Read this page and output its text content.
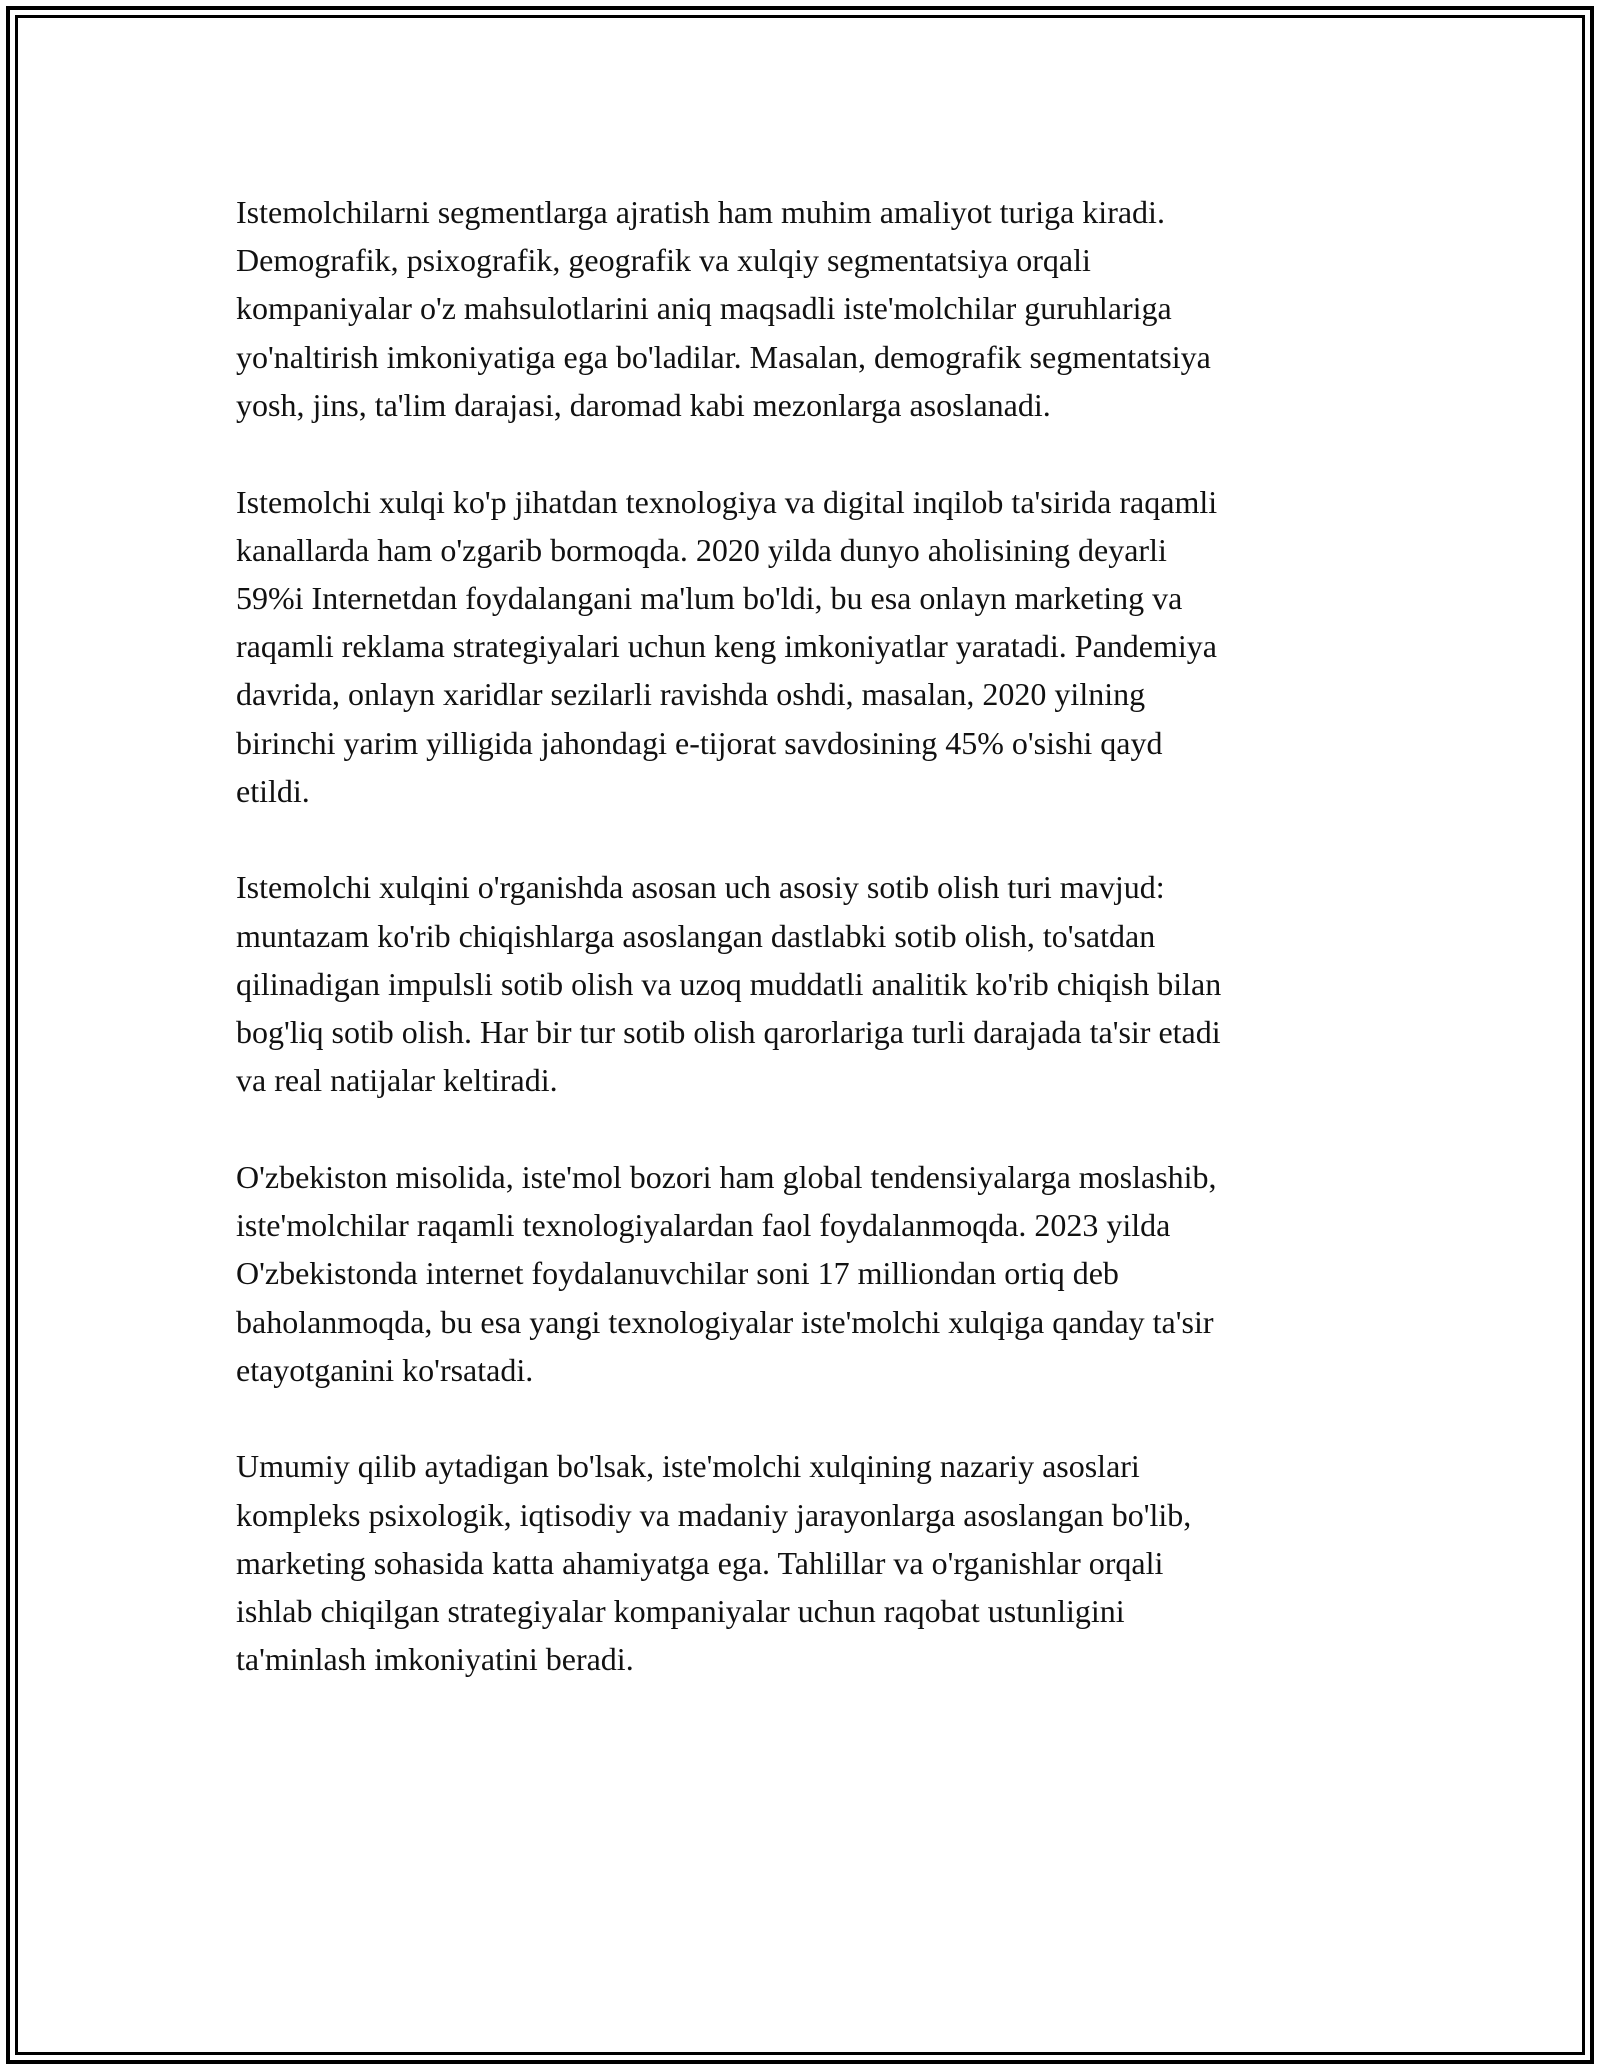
Istemolchilarni segmentlarga ajratish ham muhim amaliyot turiga kiradi.
Demografik, psixografik, geografik va xulqiy segmentatsiya orqali
kompaniyalar o'z mahsulotlarini aniq maqsadli iste'molchilar guruhlariga
yo'naltirish imkoniyatiga ega bo'ladilar. Masalan, demografik segmentatsiya
yosh, jins, ta'lim darajasi, daromad kabi mezonlarga asoslanadi.

Istemolchi xulqi ko'p jihatdan texnologiya va digital inqilob ta'sirida raqamli
kanallarda ham o'zgarib bormoqda. 2020 yilda dunyo aholisining deyarli
59%i Internetdan foydalangani ma'lum bo'ldi, bu esa onlayn marketing va
raqamli reklama strategiyalari uchun keng imkoniyatlar yaratadi. Pandemiya
davrida, onlayn xaridlar sezilarli ravishda oshdi, masalan, 2020 yilning
birinchi yarim yilligida jahondagi e-tijorat savdosining 45% o'sishi qayd
etildi.

Istemolchi xulqini o'rganishda asosan uch asosiy sotib olish turi mavjud:
muntazam ko'rib chiqishlarga asoslangan dastlabki sotib olish, to'satdan
qilinadigan impulsli sotib olish va uzoq muddatli analitik ko'rib chiqish bilan
bog'liq sotib olish. Har bir tur sotib olish qarorlariga turli darajada ta'sir etadi
va real natijalar keltiradi.

O'zbekiston misolida, iste'mol bozori ham global tendensiyalarga moslashib,
iste'molchilar raqamli texnologiyalardan faol foydalanmoqda. 2023 yilda
O'zbekistonda internet foydalanuvchilar soni 17 milliondan ortiq deb
baholanmoqda, bu esa yangi texnologiyalar iste'molchi xulqiga qanday ta'sir
etayotganini ko'rsatadi.

Umumiy qilib aytadigan bo'lsak, iste'molchi xulqining nazariy asoslari
kompleks psixologik, iqtisodiy va madaniy jarayonlarga asoslangan bo'lib,
marketing sohasida katta ahamiyatga ega. Tahlillar va o'rganishlar orqali
ishlab chiqilgan strategiyalar kompaniyalar uchun raqobat ustunligini
ta'minlash imkoniyatini beradi.
